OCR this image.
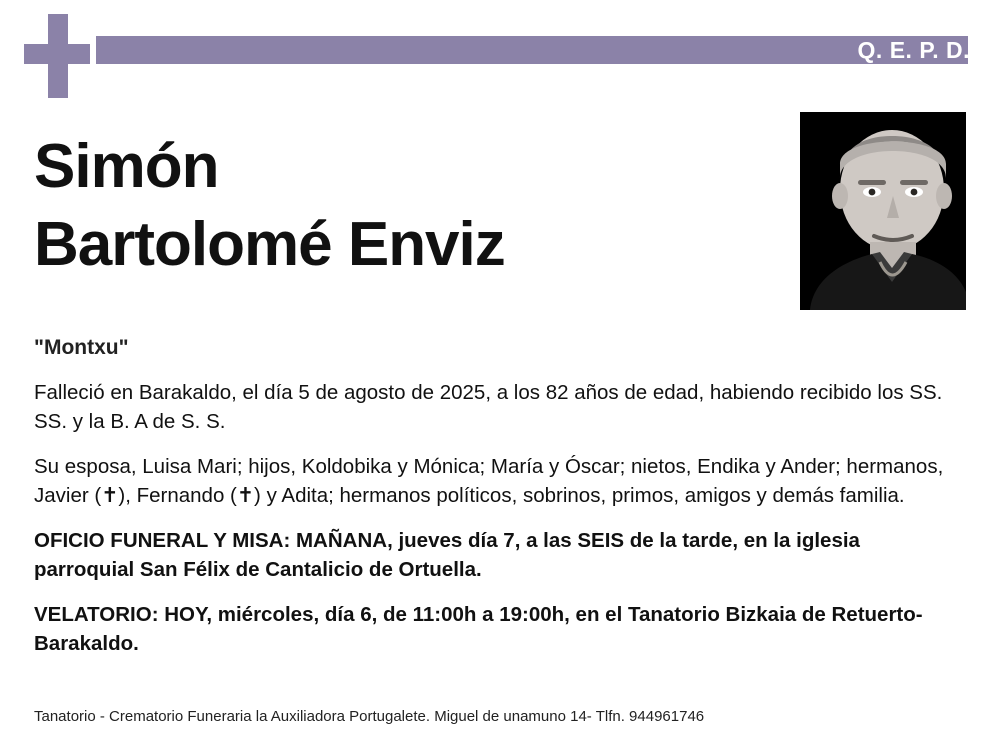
Q. E. P. D.
Simón
Bartolomé Enviz
"Montxu"
Falleció en Barakaldo, el día 5 de agosto de 2025, a los 82 años de edad, habiendo recibido los SS. SS. y la B. A de S. S.
Su esposa, Luisa Mari; hijos, Koldobika y Mónica; María y Óscar; nietos, Endika y Ander; hermanos, Javier (✝), Fernando (✝) y Adita; hermanos políticos, sobrinos, primos, amigos y demás familia.
OFICIO FUNERAL Y MISA: MAÑANA, jueves día 7, a las SEIS de la tarde, en la iglesia parroquial San Félix de Cantalicio de Ortuella.
VELATORIO: HOY, miércoles, día 6, de 11:00h a 19:00h, en el Tanatorio Bizkaia de Retuerto-Barakaldo.
Tanatorio - Crematorio Funeraria la Auxiliadora Portugalete. Miguel de unamuno 14- Tlfn. 944961746
